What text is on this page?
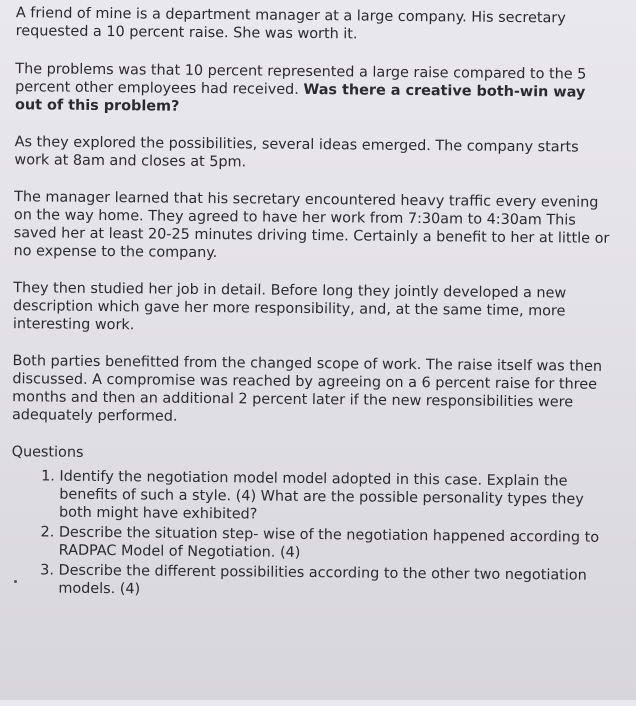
A friend of mine is a department manager at a large company. His secretary requested a 10 percent raise. She was worth it.

The problems was that 10 percent represented a large raise compared to the 5 percent other employees had received. Was there a creative both-win way out of this problem?

As they explored the possibilities, several ideas emerged. The company starts work at 8am and closes at 5pm.

The manager learned that his secretary encountered heavy traffic every evening on the way home. They agreed to have her work from 7:30am to 4:30am This saved her at least 20-25 minutes driving time. Certainly a benefit to her at little or no expense to the company.

They then studied her job in detail. Before long they jointly developed a new description which gave her more responsibility, and, at the same time, more interesting work.

Both parties benefitted from the changed scope of work. The raise itself was then discussed. A compromise was reached by agreeing on a 6 percent raise for three months and then an additional 2 percent later if the new responsibilities were adequately performed.

Questions

1. Identify the negotiation model model adopted in this case. Explain the benefits of such a style. (4) What are the possible personality types they both might have exhibited?
2. Describe the situation step- wise of the negotiation happened according to RADPAC Model of Negotiation. (4)
3. Describe the different possibilities according to the other two negotiation models. (4)
